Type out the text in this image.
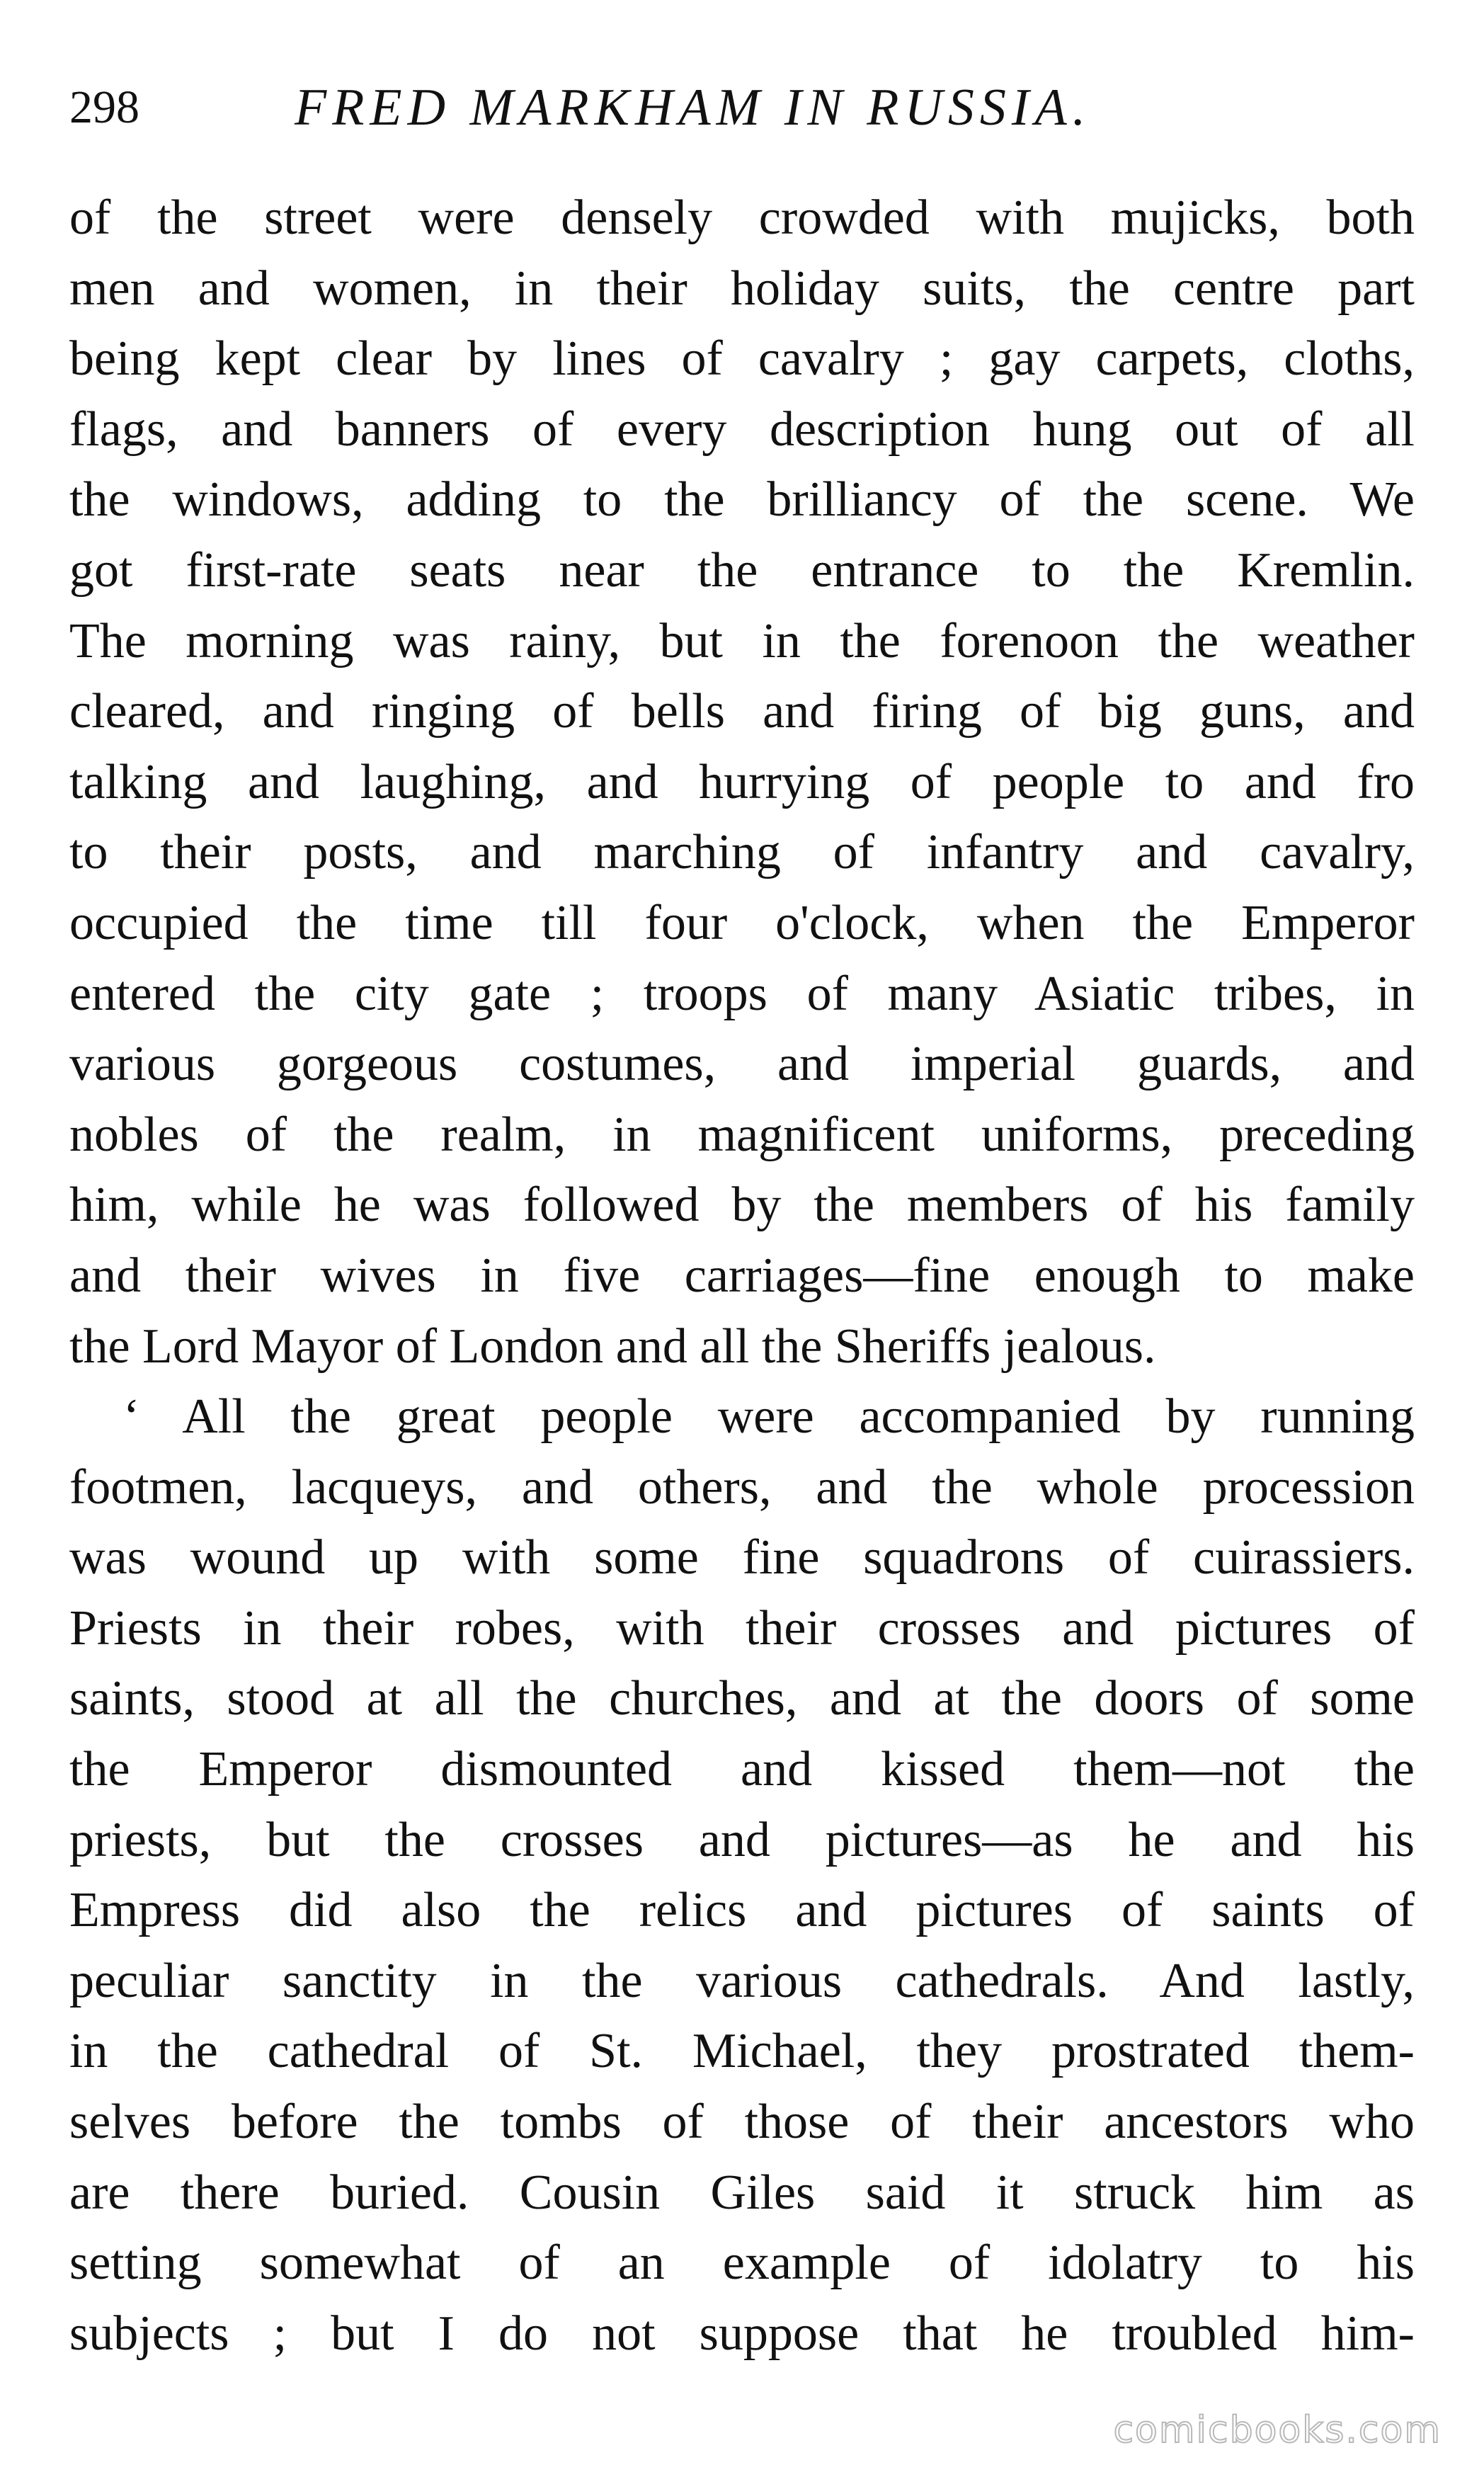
298	FRED MARKHAM IN RUSSIA.
of the street were densely crowded with mujicks, both
men and women, in their holiday suits, the centre part
being kept clear by lines of cavalry ; gay carpets, cloths,
flags, and banners of every description hung out of all
the windows, adding to the brilliancy of the scene. We
got first-rate seats near the entrance to the Kremlin.
The morning was rainy, but in the forenoon the weather
cleared, and ringing of bells and firing of big guns, and
talking and laughing, and hurrying of people to and fro
to their posts, and marching of infantry and cavalry,
occupied the time till four o'clock, when the Emperor
entered the city gate ; troops of many Asiatic tribes, in
various gorgeous costumes, and imperial guards, and
nobles of the realm, in magnificent uniforms, preceding
him, while he was followed by the members of his family
and their wives in five carriages—fine enough to make
the Lord Mayor of London and all the Sheriffs jealous.
‘ All the great people were accompanied by running
footmen, lacqueys, and others, and the whole procession
was wound up with some fine squadrons of cuirassiers.
Priests in their robes, with their crosses and pictures of
saints, stood at all the churches, and at the doors of some
the Emperor dismounted and kissed them—not the
priests, but the crosses and pictures—as he and his
Empress did also the relics and pictures of saints of
peculiar sanctity in the various cathedrals. And lastly,
in the cathedral of St. Michael, they prostrated them-
selves before the tombs of those of their ancestors who
are there buried. Cousin Giles said it struck him as
setting somewhat of an example of idolatry to his
subjects ; but I do not suppose that he troubled him-
comicbooks.com
